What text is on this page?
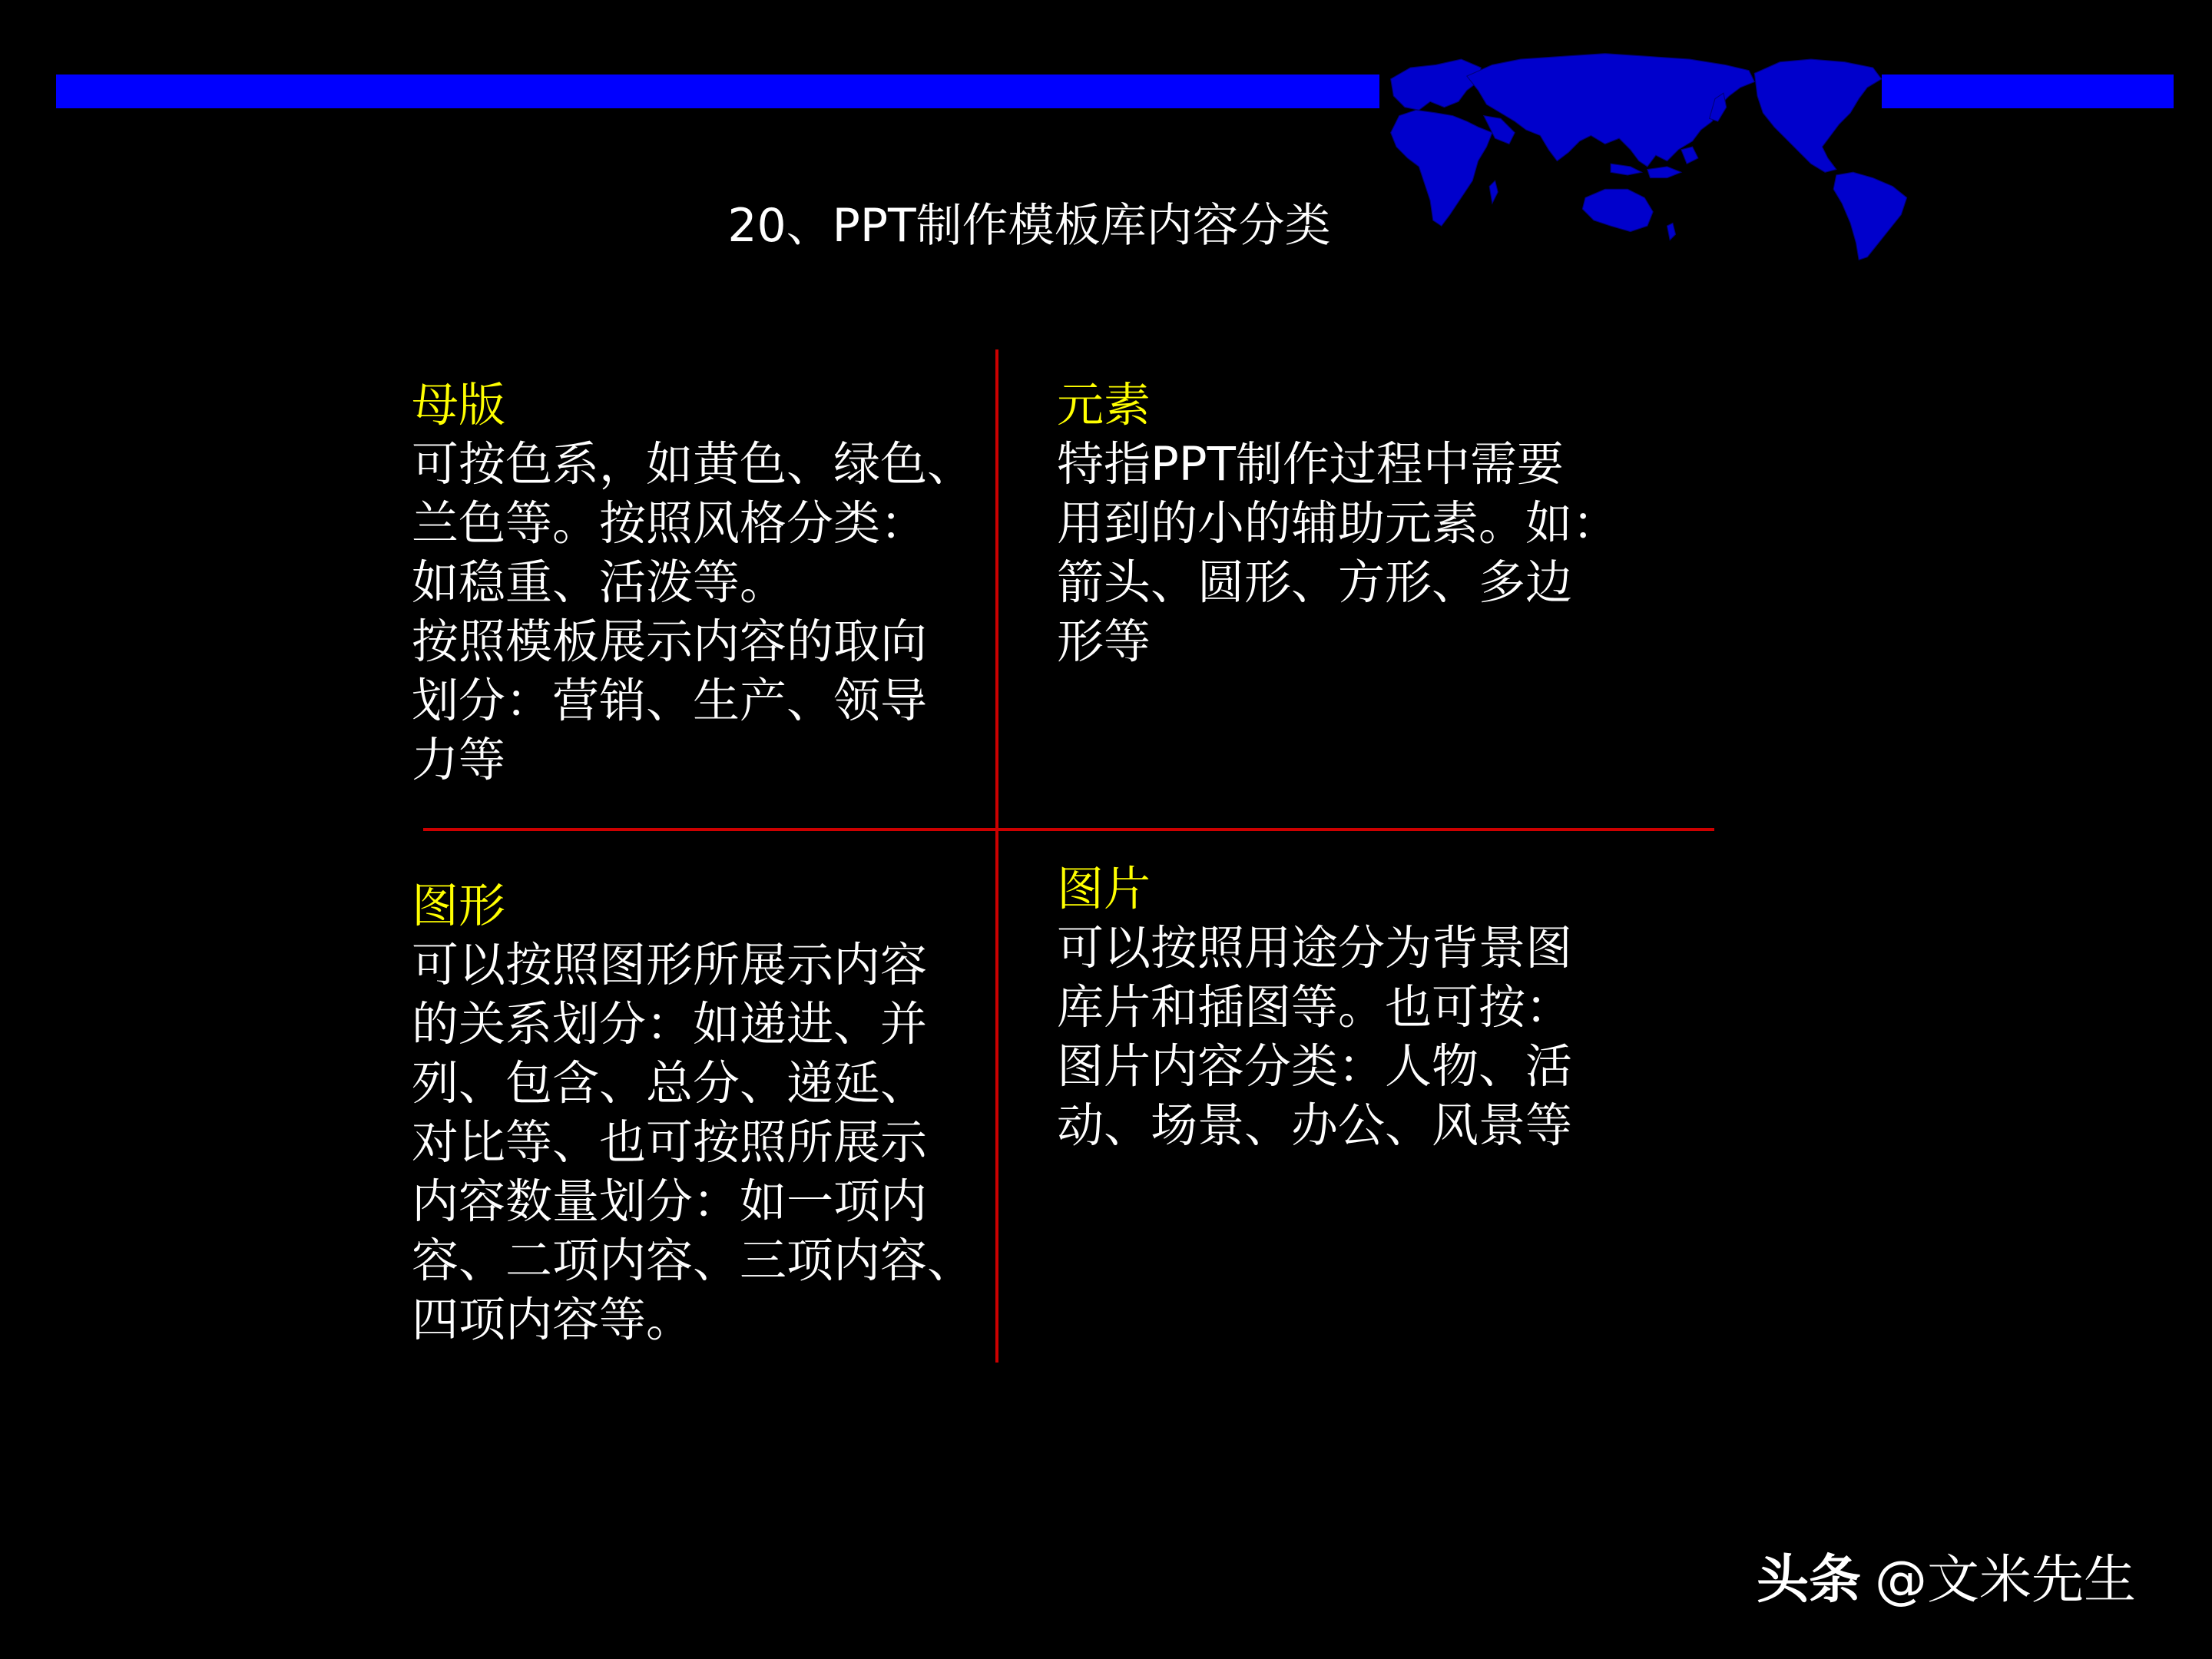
20、PPT制作模板库内容分类
母版
可按色系，如黄色、绿色、
兰色等。按照风格分类：
如稳重、活泼等。
按照模板展示内容的取向
划分：营销、生产、领导
力等
元素
特指PPT制作过程中需要
用到的小的辅助元素。如：
箭头、圆形、方形、多边
形等
图形
可以按照图形所展示内容
的关系划分：如递进、并
列、包含、总分、递延、
对比等、也可按照所展示
内容数量划分：如一项内
容、二项内容、三项内容、
四项内容等。
图片
可以按照用途分为背景图
库片和插图等。也可按：
图片内容分类：人物、活
动、场景、办公、风景等
头条 @文米先生
